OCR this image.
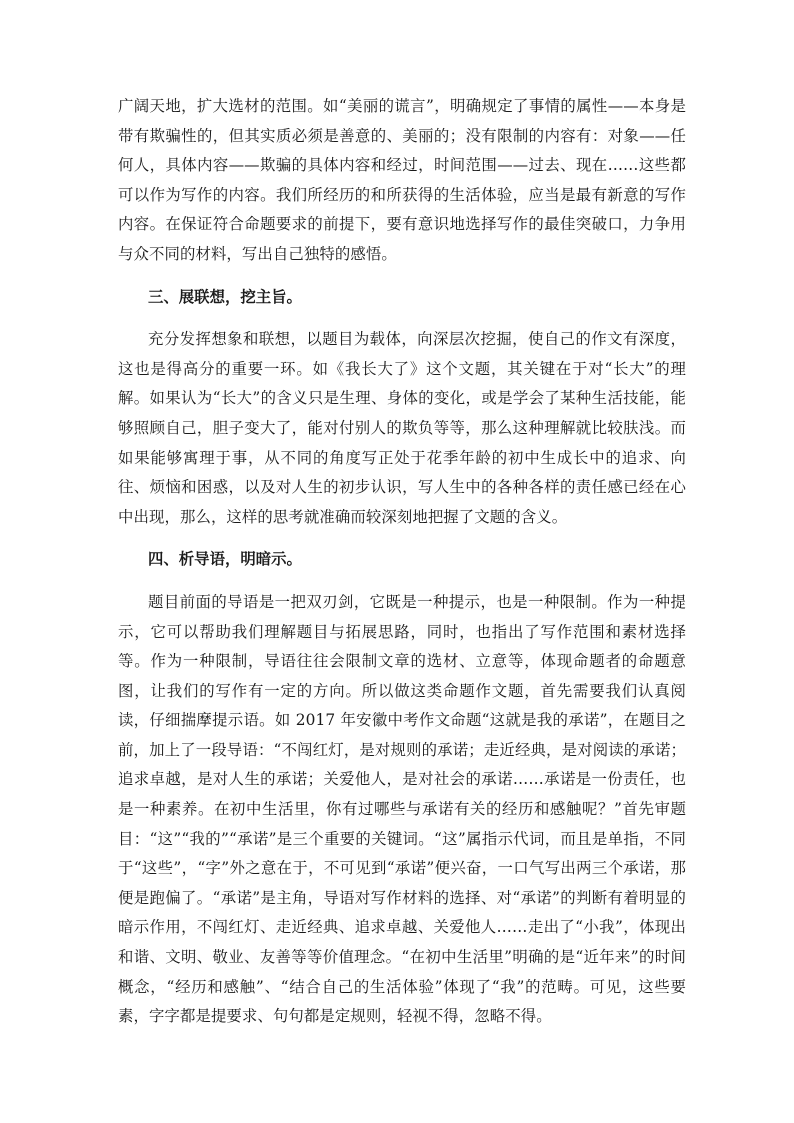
广阔天地，扩大选材的范围。如“美丽的谎言”，明确规定了事情的属性——本身是带有欺骗性的，但其实质必须是善意的、美丽的；没有限制的内容有：对象——任何人，具体内容——欺骗的具体内容和经过，时间范围——过去、现在……这些都可以作为写作的内容。我们所经历的和所获得的生活体验，应当是最有新意的写作内容。在保证符合命题要求的前提下，要有意识地选择写作的最佳突破口，力争用与众不同的材料，写出自己独特的感悟。

三、展联想，挖主旨。

充分发挥想象和联想，以题目为载体，向深层次挖掘，使自己的作文有深度，这也是得高分的重要一环。如《我长大了》这个文题，其关键在于对“长大”的理解。如果认为“长大”的含义只是生理、身体的变化，或是学会了某种生活技能，能够照顾自己，胆子变大了，能对付别人的欺负等等，那么这种理解就比较肤浅。而如果能够寓理于事，从不同的角度写正处于花季年龄的初中生成长中的追求、向往、烦恼和困惑，以及对人生的初步认识，写人生中的各种各样的责任感已经在心中出现，那么，这样的思考就准确而较深刻地把握了文题的含义。

四、析导语，明暗示。

题目前面的导语是一把双刃剑，它既是一种提示，也是一种限制。作为一种提示，它可以帮助我们理解题目与拓展思路，同时，也指出了写作范围和素材选择等。作为一种限制，导语往往会限制文章的选材、立意等，体现命题者的命题意图，让我们的写作有一定的方向。所以做这类命题作文题，首先需要我们认真阅读，仔细揣摩提示语。如 2017 年安徽中考作文命题“这就是我的承诺”，在题目之前，加上了一段导语：“不闯红灯，是对规则的承诺；走近经典，是对阅读的承诺；追求卓越，是对人生的承诺；关爱他人，是对社会的承诺……承诺是一份责任，也是一种素养。在初中生活里，你有过哪些与承诺有关的经历和感触呢？”首先审题目：“这”“我的”“承诺”是三个重要的关键词。“这”属指示代词，而且是单指，不同于“这些”，“字”外之意在于，不可见到“承诺”便兴奋，一口气写出两三个承诺，那便是跑偏了。“承诺”是主角，导语对写作材料的选择、对“承诺”的判断有着明显的暗示作用，不闯红灯、走近经典、追求卓越、关爱他人……走出了“小我”，体现出和谐、文明、敬业、友善等等价值理念。“在初中生活里”明确的是“近年来”的时间概念，“经历和感触”、“结合自己的生活体验”体现了“我”的范畴。可见，这些要素，字字都是提要求、句句都是定规则，轻视不得，忽略不得。
